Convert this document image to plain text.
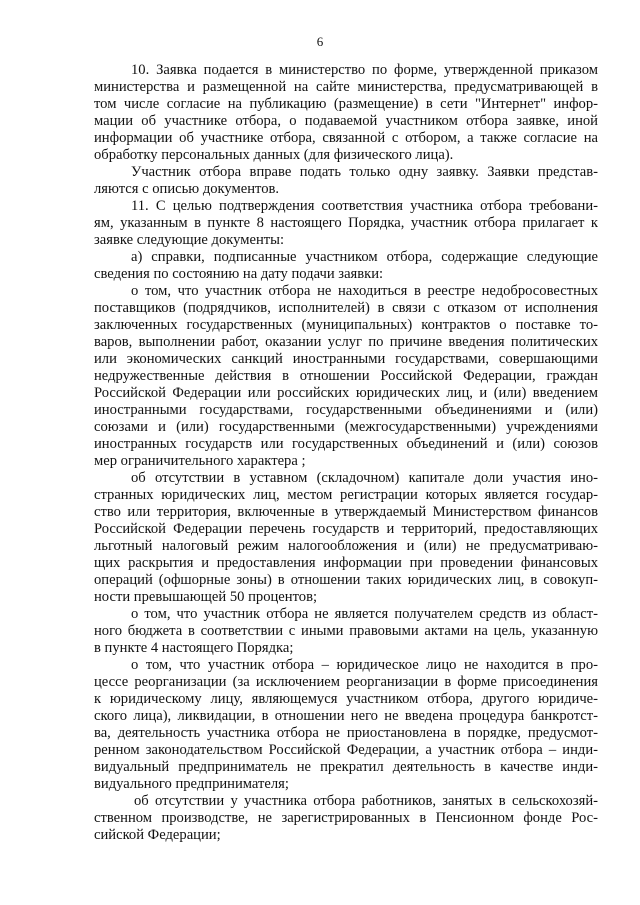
6
10. Заявка подается в министерство по форме, утвержденной приказом
министерства и размещенной на сайте министерства, предусматривающей в
том числе согласие на публикацию (размещение) в сети "Интернет" инфор-
мации об участнике отбора, о подаваемой участником отбора заявке, иной
информации об участнике отбора, связанной с отбором, а также согласие на
обработку персональных данных (для физического лица).
Участник отбора вправе подать только одну заявку. Заявки представ-
ляются с описью документов.
11. С целью подтверждения соответствия участника отбора требовани-
ям, указанным в пункте 8 настоящего Порядка, участник отбора прилагает к
заявке следующие документы:
а) справки, подписанные участником отбора, содержащие следующие
сведения по состоянию на дату подачи заявки:
о том, что участник отбора не находиться в реестре недобросовестных
поставщиков (подрядчиков, исполнителей) в связи с отказом от исполнения
заключенных государственных (муниципальных) контрактов о поставке то-
варов, выполнении работ, оказании услуг по причине введения политических
или экономических санкций иностранными государствами, совершающими
недружественные действия в отношении Российской Федерации, граждан
Российской Федерации или российских юридических лиц, и (или) введением
иностранными государствами, государственными объединениями и (или)
союзами и (или) государственными (межгосударственными) учреждениями
иностранных государств или государственных объединений и (или) союзов
мер ограничительного характера ;
об отсутствии в уставном (складочном) капитале доли участия ино-
странных юридических лиц, местом регистрации которых является государ-
ство или территория, включенные в утверждаемый Министерством финансов
Российской Федерации перечень государств и территорий, предоставляющих
льготный налоговый режим налогообложения и (или) не предусматриваю-
щих раскрытия и предоставления информации при проведении финансовых
операций (офшорные зоны) в отношении таких юридических лиц, в совокуп-
ности превышающей 50 процентов;
о том, что участник отбора не является получателем средств из област-
ного бюджета в соответствии с иными правовыми актами на цель, указанную
в пункте 4 настоящего Порядка;
о том, что участник отбора – юридическое лицо не находится в про-
цессе реорганизации (за исключением реорганизации в форме присоединения
к юридическому лицу, являющемуся участником отбора, другого юридиче-
ского лица), ликвидации, в отношении него не введена процедура банкротст-
ва, деятельность участника отбора не приостановлена в порядке, предусмот-
ренном законодательством Российской Федерации, а участник отбора – инди-
видуальный предприниматель не прекратил деятельность в качестве инди-
видуального предпринимателя;
об отсутствии у участника отбора работников, занятых в сельскохозяй-
ственном производстве, не зарегистрированных в Пенсионном фонде Рос-
сийской Федерации;
